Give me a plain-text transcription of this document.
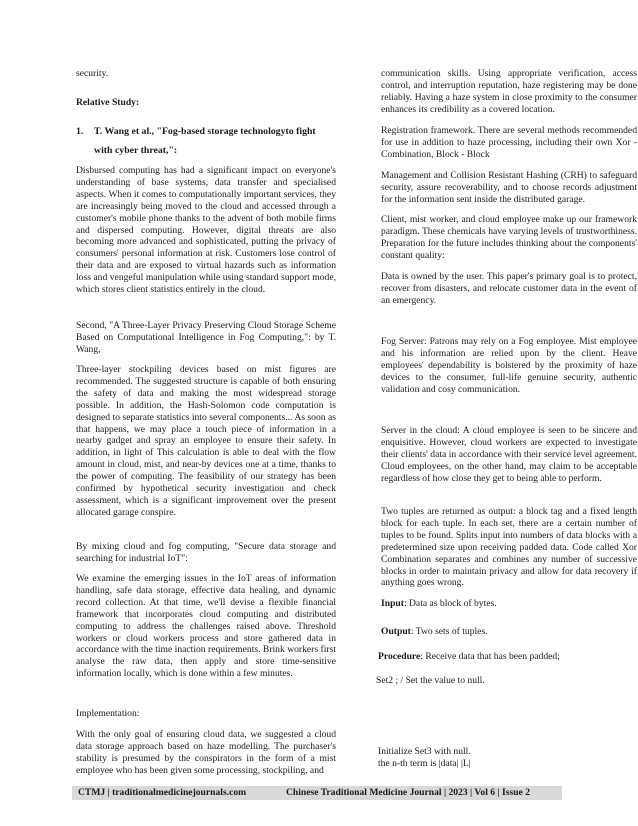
security.

Relative Study:

1. T. Wang et al., "Fog-based storage technologyto fight
with cyber threat,":

Disbursed computing has had a significant impact on everyone's understanding of base systems, data transfer and specialised aspects. When it comes to computationally important services, they are increasingly being moved to the cloud and accessed through a customer's mobile phone thanks to the advent of both mobile firms and dispersed computing. However, digital threats are also becoming more advanced and sophisticated, putting the privacy of consumers' personal information at risk. Customers lose control of their data and are exposed to virtual hazards such as information loss and vengeful manipulation while using standard support mode, which stores client statistics entirely in the cloud.

Second, "A Three-Layer Privacy Preserving Cloud Storage Scheme Based on Computational Intelligence in Fog Computing,": by T. Wang,

Three-layer stockpiling devices based on mist figures are recommended. The suggested structure is capable of both ensuring the safety of data and making the most widespread storage possible. In addition, the Hash-Solomon code computation is designed to separate statistics into several components... As soon as that happens, we may place a touch piece of information in a nearby gadget and spray an employee to ensure their safety. In addition, in light of This calculation is able to deal with the flow amount in cloud, mist, and near-by devices one at a time, thanks to the power of computing. The feasibility of our strategy has been confirmed by hypothetical security investigation and check assessment, which is a significant improvement over the present allocated garage conspire.

By mixing cloud and fog computing, "Secure data storage and searching for industrial IoT":

We examine the emerging issues in the IoT areas of information handling, safe data storage, effective data healing, and dynamic record collection. At that time, we'll devise a flexible financial framework that incorporates cloud computing and distributed computing to address the challenges raised above. Threshold workers or cloud workers process and store gathered data in accordance with the time inaction requirements. Brink workers first analyse the raw data, then apply and store time-sensitive information locally, which is done within a few minutes.

Implementation:

With the only goal of ensuring cloud data, we suggested a cloud data storage approach based on haze modelling. The purchaser's stability is presumed by the conspirators in the form of a mist employee who has been given some processing, stockpiling, and

communication skills. Using appropriate verification, access control, and interruption reputation, haze registering may be done reliably. Having a haze system in close proximity to the consumer enhances its credibility as a covered location.

Registration framework. There are several methods recommended for use in addition to haze processing, including their own Xor - Combination, Block - Block

Management and Collision Resistant Hashing (CRH) to safeguard security, assure recoverability, and to choose records adjustment for the information sent inside the distributed garage.

Client, mist worker, and cloud employee make up our framework paradigm. These chemicals have varying levels of trustworthiness. Preparation for the future includes thinking about the components' constant quality:

Data is owned by the user. This paper's primary goal is to protect, recover from disasters, and relocate customer data in the event of an emergency.

Fog Server: Patrons may rely on a Fog employee. Mist employee and his information are relied upon by the client. Heave employees' dependability is bolstered by the proximity of haze devices to the consumer, full-life genuine security, authentic validation and cosy communication.

Server in the cloud: A cloud employee is seen to be sincere and enquisitive. However, cloud workers are expected to investigate their clients' data in accordance with their service level agreement. Cloud employees, on the other hand, may claim to be acceptable regardless of how close they get to being able to perform.

Two tuples are returned as output: a block tag and a fixed length block for each tuple. In each set, there are a certain number of tuples to be found. Splits input into numbers of data blocks with a predetermined size upon receiving padded data. Code called Xor Combination separates and combines any number of successive blocks in order to maintain privacy and allow for data recovery if anything goes wrong.

Input: Data as block of bytes.

Output: Two sets of tuples.

Procedure: Receive data that has been padded;

Set2 ; / Set the value to null.

Initialize Set3 with null.

the n-th term is |data| |L|

CTMJ | traditionalmedicinejournals.com	Chinese Traditional Medicine Journal | 2023 | Vol 6 | Issue 2
